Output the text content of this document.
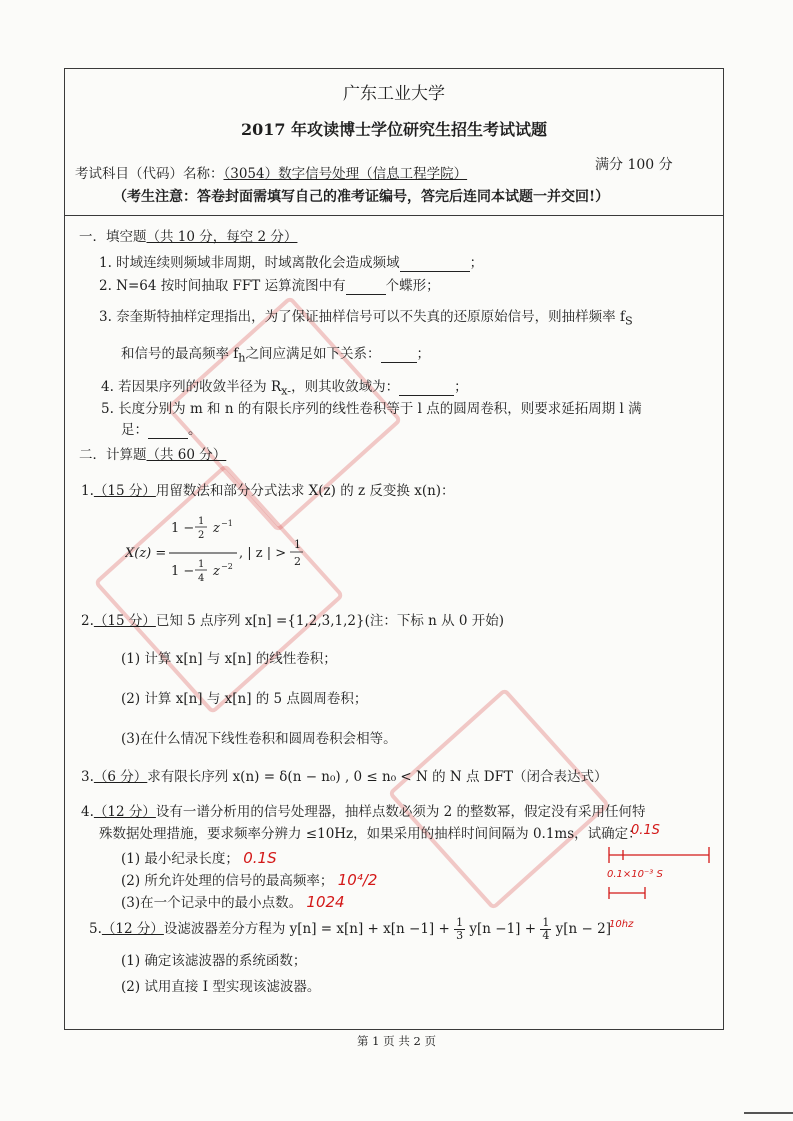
广东工业大学
2017 年攻读博士学位研究生招生考试试题
考试科目（代码）名称：（3054）数字信号处理（信息工程学院）
满分 100 分
（考生注意：答卷封面需填写自己的准考证编号，答完后连同本试题一并交回!）
一．填空题（共 10 分，每空 2 分）
1. 时域连续则频域非周期，时域离散化会造成频域	；
2. N=64 按时间抽取 FFT 运算流图中有	个蝶形；
3. 奈奎斯特抽样定理指出，为了保证抽样信号可以不失真的还原原始信号，则抽样频率 $f_S$
和信号的最高频率 $f_h$之间应满足如下关系：	；
4. 若因果序列的收敛半径为 $R_{x-}$，则其收敛域为：	；
5. 长度分别为 m 和 n 的有限长序列的线性卷积等于 l 点的圆周卷积，则要求延拓周期 l 满
足：	。
二．计算题（共 60 分）
1.（15 分）用留数法和部分分式法求 X(z) 的 z 反变换 x(n)：
X(z) =
1 − 1
2 z −1
1 − 1
4 z −2
, | z | >
1
2
2.（15 分）已知 5 点序列 x[n] ={1,2,3,1,2}(注：下标 n 从 0 开始)
(1) 计算 x[n] 与 x[n] 的线性卷积；
(2) 计算 x[n] 与 x[n] 的 5 点圆周卷积；
(3)在什么情况下线性卷积和圆周卷积会相等。
3.（6 分）求有限长序列 x(n) = δ(n − n₀) , 0 ≤ n₀ < N 的 N 点 DFT（闭合表达式）
4.（12 分）设有一谱分析用的信号处理器，抽样点数必须为 2 的整数幂，假定没有采用任何特
殊数据处理措施，要求频率分辨力 ≤10Hz，如果采用的抽样时间间隔为 0.1ms，试确定：
(1) 最小纪录长度； 0.1S
(2) 所允许处理的信号的最高频率； 10⁴/2
(3)在一个记录中的最小点数。 1024
5.（12 分）设滤波器差分方程为 $y[n] = x[n] + x[n -1] + \frac{1}{3} y[n -1] + \frac{1}{4} y[n - 2]$
(1) 确定该滤波器的系统函数；
(2) 试用直接 I 型实现该滤波器。
0.1S
0.1×10⁻³ S
10hz
第 1 页 共 2 页
